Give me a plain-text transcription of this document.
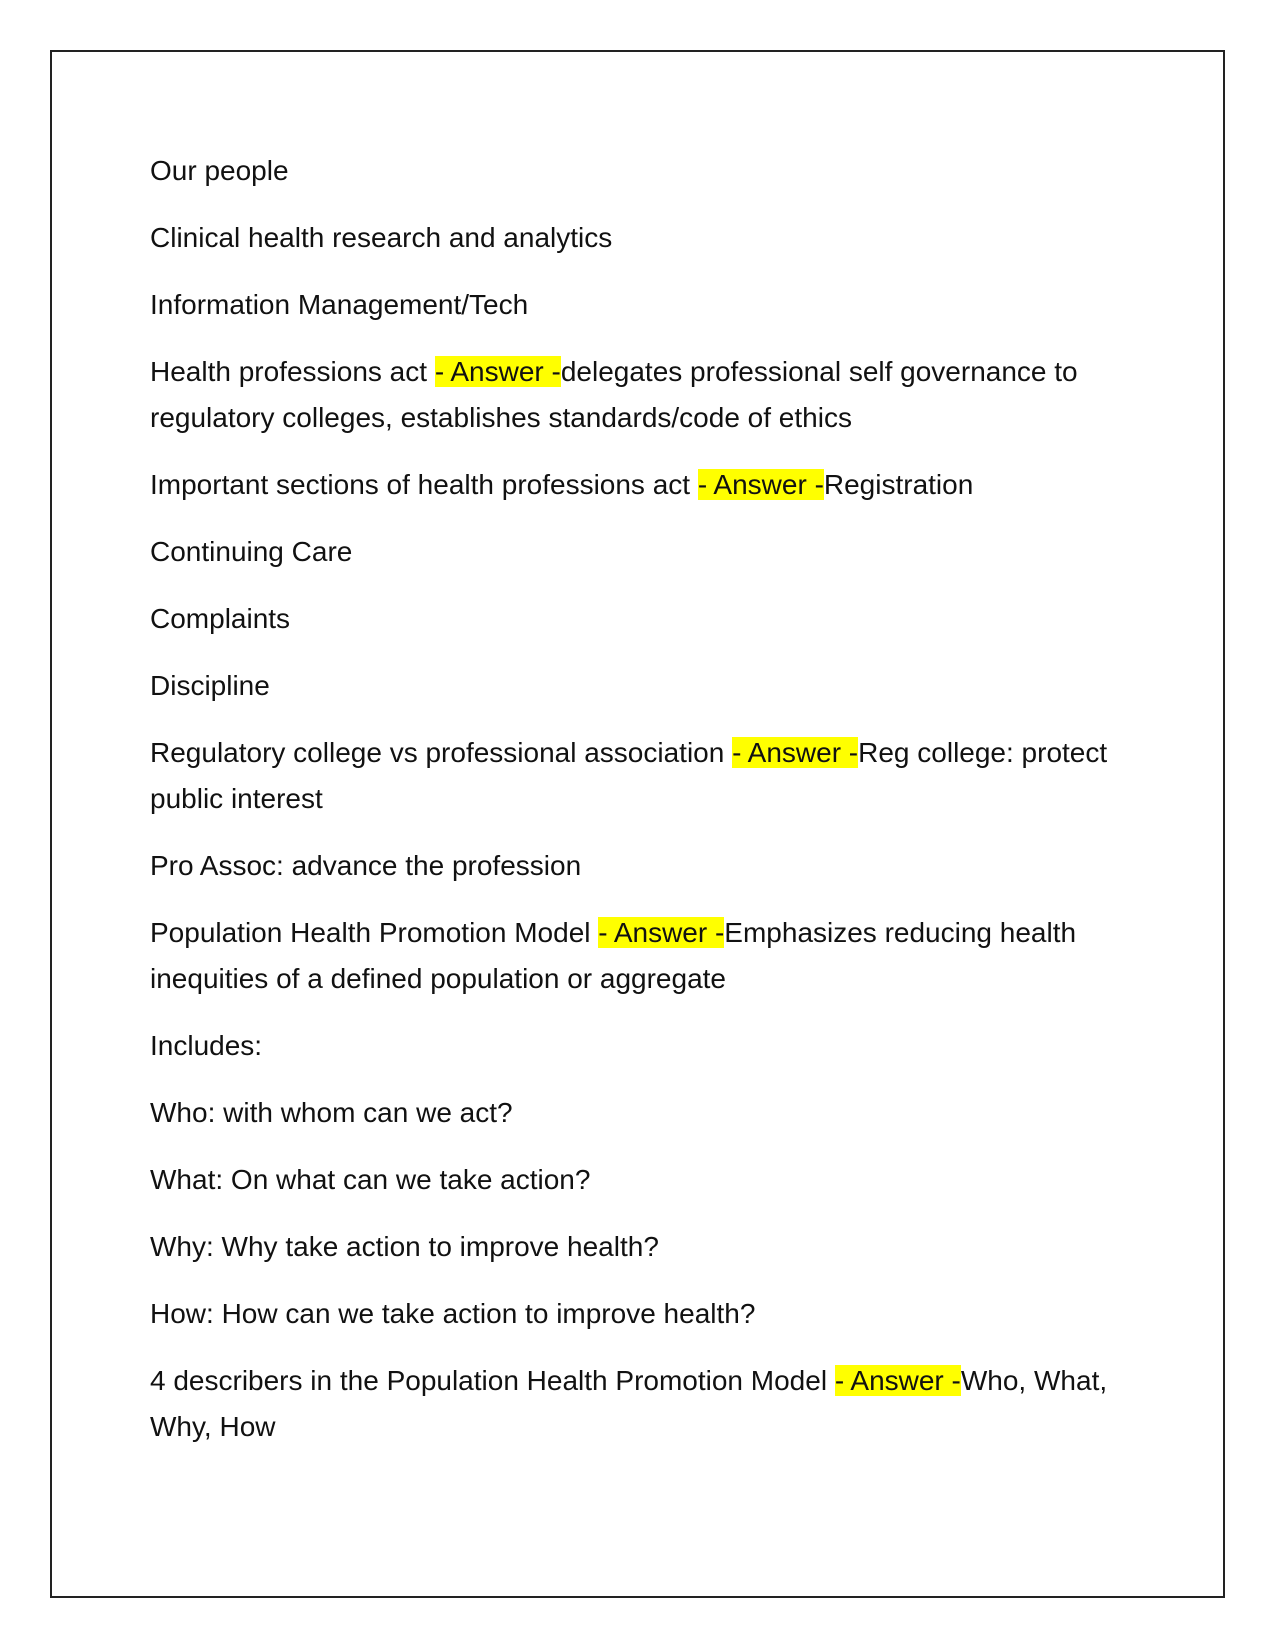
Our people

Clinical health research and analytics

Information Management/Tech

Health professions act - Answer -delegates professional self governance to regulatory colleges, establishes standards/code of ethics

Important sections of health professions act - Answer -Registration

Continuing Care

Complaints

Discipline

Regulatory college vs professional association - Answer -Reg college: protect public interest

Pro Assoc: advance the profession

Population Health Promotion Model - Answer -Emphasizes reducing health inequities of a defined population or aggregate

Includes:

Who: with whom can we act?

What: On what can we take action?

Why: Why take action to improve health?

How: How can we take action to improve health?

4 describers in the Population Health Promotion Model - Answer -Who, What, Why, How
